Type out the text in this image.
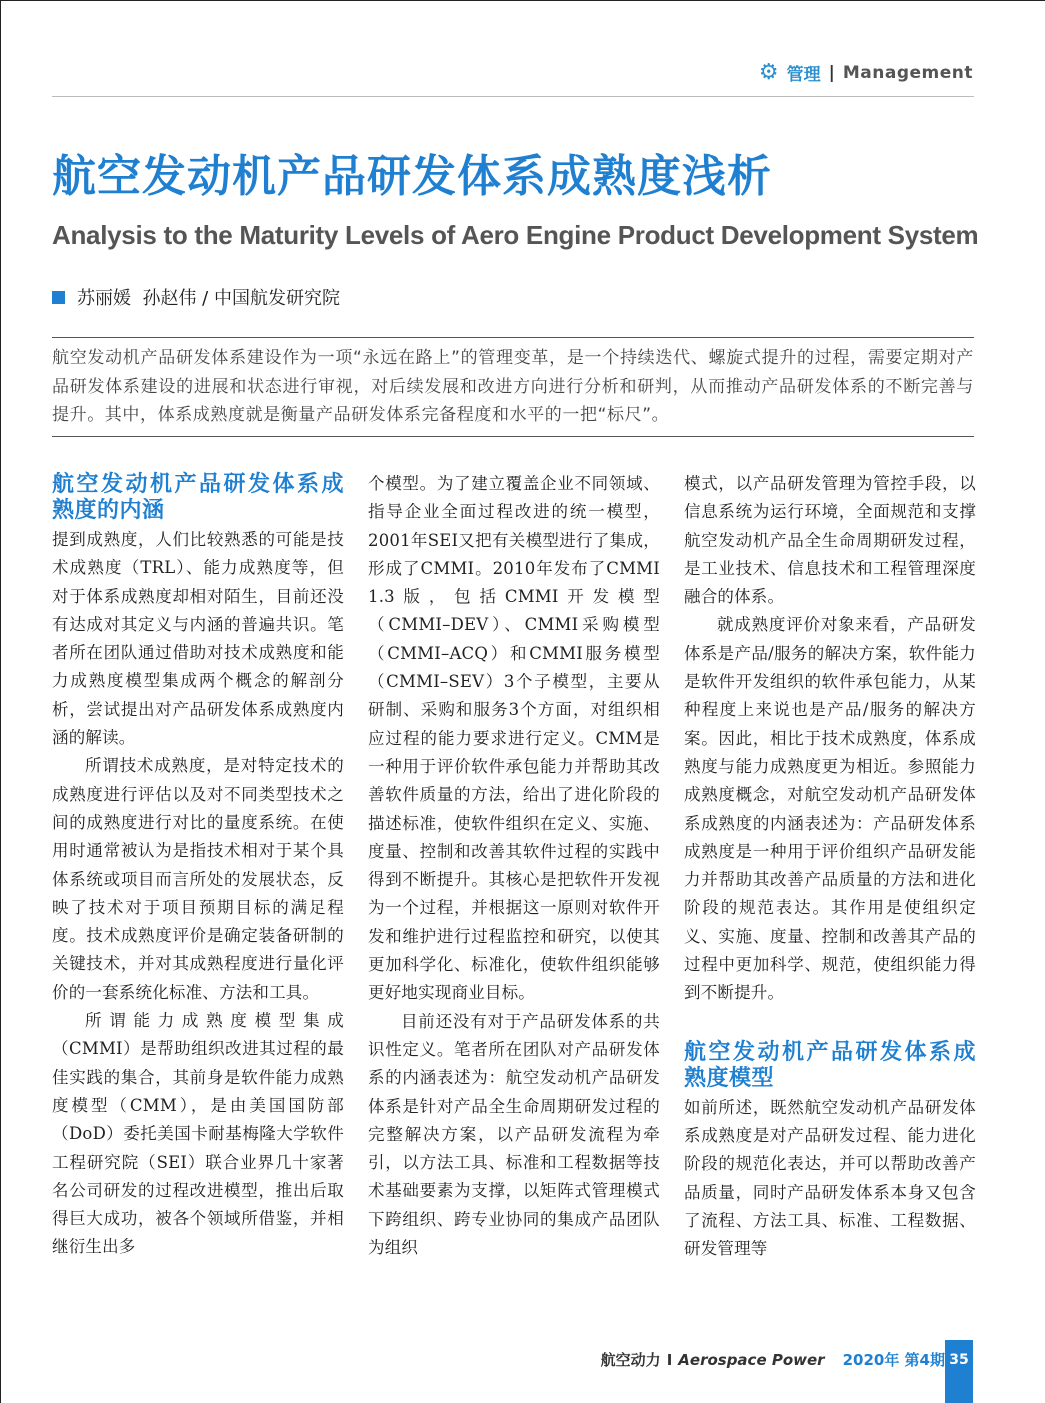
⚙ 管理 | Management
航空发动机产品研发体系成熟度浅析
Analysis to the Maturity Levels of Aero Engine Product Development System
苏丽媛  孙赵伟 / 中国航发研究院
航空发动机产品研发体系建设作为一项“永远在路上”的管理变革，是一个持续迭代、螺旋式提升的过程，需要定期对产品研发体系建设的进展和状态进行审视，对后续发展和改进方向进行分析和研判，从而推动产品研发体系的不断完善与提升。其中，体系成熟度就是衡量产品研发体系完备程度和水平的一把“标尺”。
航空发动机产品研发体系成熟度的内涵

提到成熟度，人们比较熟悉的可能是技术成熟度（TRL）、能力成熟度等，但对于体系成熟度却相对陌生，目前还没有达成对其定义与内涵的普遍共识。笔者所在团队通过借助对技术成熟度和能力成熟度模型集成两个概念的解剖分析，尝试提出对产品研发体系成熟度内涵的解读。

所谓技术成熟度，是对特定技术的成熟度进行评估以及对不同类型技术之间的成熟度进行对比的量度系统。在使用时通常被认为是指技术相对于某个具体系统或项目而言所处的发展状态，反映了技术对于项目预期目标的满足程度。技术成熟度评价是确定装备研制的关键技术，并对其成熟程度进行量化评价的一套系统化标准、方法和工具。

所谓能力成熟度模型集成（CMMI）是帮助组织改进其过程的最佳实践的集合，其前身是软件能力成熟度模型（CMM），是由美国国防部（DoD）委托美国卡耐基梅隆大学软件工程研究院（SEI）联合业界几十家著名公司研发的过程改进模型，推出后取得巨大成功，被各个领域所借鉴，并相继衍生出多

个模型。为了建立覆盖企业不同领域、指导企业全面过程改进的统一模型，2001年SEI又把有关模型进行了集成，形成了CMMI。2010年发布了CMMI 1.3版，包括CMMI开发模型（CMMI–DEV）、CMMI采购模型（CMMI–ACQ）和CMMI服务模型（CMMI–SEV）3个子模型，主要从研制、采购和服务3个方面，对组织相应过程的能力要求进行定义。CMM是一种用于评价软件承包能力并帮助其改善软件质量的方法，给出了进化阶段的描述标准，使软件组织在定义、实施、度量、控制和改善其软件过程的实践中得到不断提升。其核心是把软件开发视为一个过程，并根据这一原则对软件开发和维护进行过程监控和研究，以使其更加科学化、标准化，使软件组织能够更好地实现商业目标。

目前还没有对于产品研发体系的共识性定义。笔者所在团队对产品研发体系的内涵表述为：航空发动机产品研发体系是针对产品全生命周期研发过程的完整解决方案，以产品研发流程为牵引，以方法工具、标准和工程数据等技术基础要素为支撑，以矩阵式管理模式下跨组织、跨专业协同的集成产品团队为组织

模式，以产品研发管理为管控手段，以信息系统为运行环境，全面规范和支撑航空发动机产品全生命周期研发过程，是工业技术、信息技术和工程管理深度融合的体系。

就成熟度评价对象来看，产品研发体系是产品/服务的解决方案，软件能力是软件开发组织的软件承包能力，从某种程度上来说也是产品/服务的解决方案。因此，相比于技术成熟度，体系成熟度与能力成熟度更为相近。参照能力成熟度概念，对航空发动机产品研发体系成熟度的内涵表述为：产品研发体系成熟度是一种用于评价组织产品研发能力并帮助其改善产品质量的方法和进化阶段的规范表达。其作用是使组织定义、实施、度量、控制和改善其产品的过程中更加科学、规范，使组织能力得到不断提升。

航空发动机产品研发体系成熟度模型

如前所述，既然航空发动机产品研发体系成熟度是对产品研发过程、能力进化阶段的规范化表达，并可以帮助改善产品质量，同时产品研发体系本身又包含了流程、方法工具、标准、工程数据、研发管理等

航空动力 I Aerospace Power 2020年 第4期 35
